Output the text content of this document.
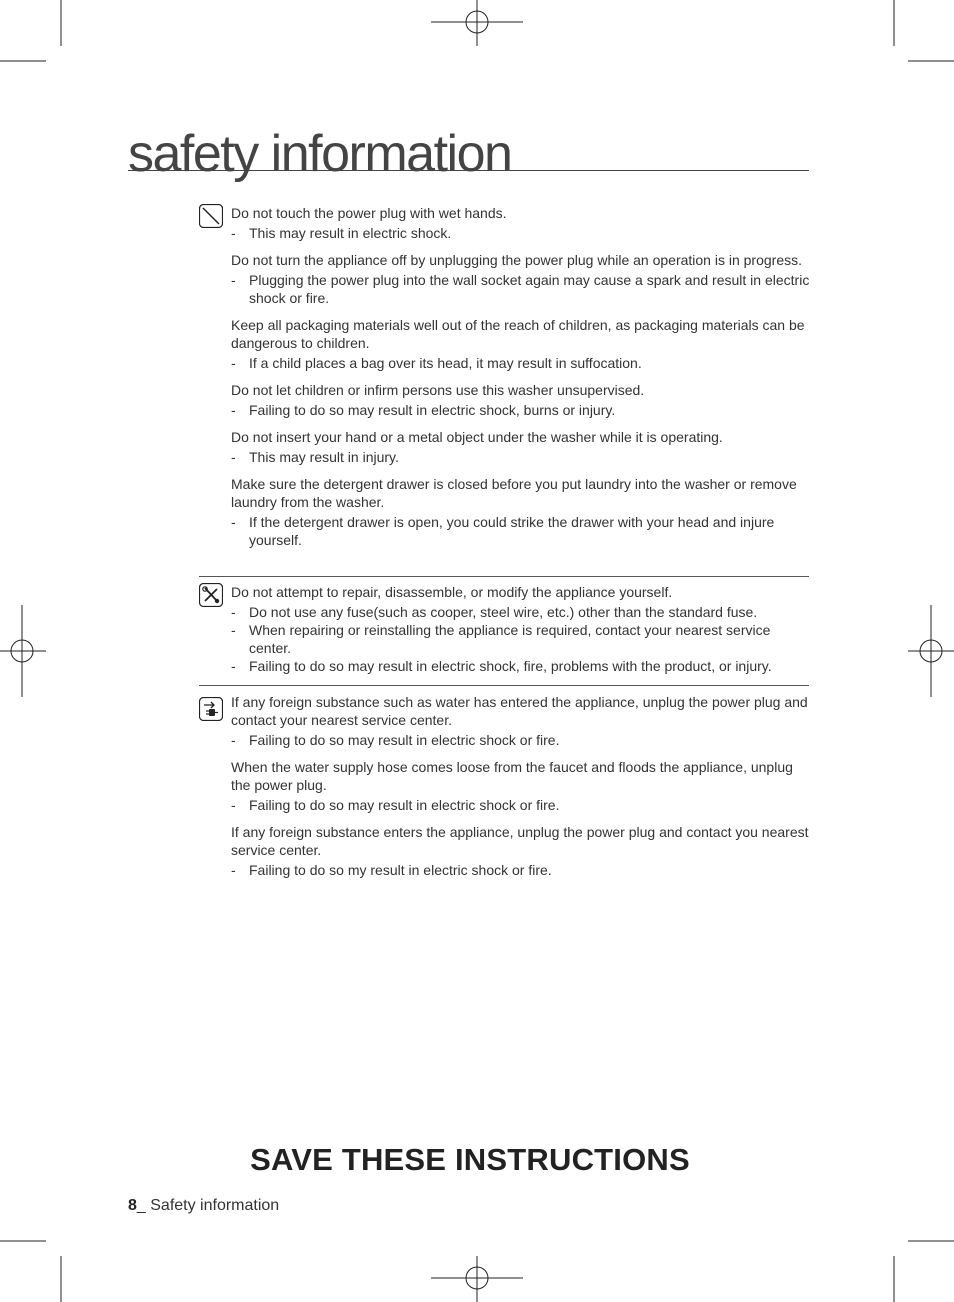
safety information

Do not touch the power plug with wet hands.

- This may result in electric shock.

Do not turn the appliance off by unplugging the power plug while an operation is in progress.

- Plugging the power plug into the wall socket again may cause a spark and result in electric shock or fire.

Keep all packaging materials well out of the reach of children, as packaging materials can be dangerous to children.

- If a child places a bag over its head, it may result in suffocation.

Do not let children or infirm persons use this washer unsupervised.

- Failing to do so may result in electric shock, burns or injury.

Do not insert your hand or a metal object under the washer while it is operating.

- This may result in injury.

Make sure the detergent drawer is closed before you put laundry into the washer or remove laundry from the washer.

- If the detergent drawer is open, you could strike the drawer with your head and injure yourself.

Do not attempt to repair, disassemble, or modify the appliance yourself.

- Do not use any fuse(such as cooper, steel wire, etc.) other than the standard fuse.
- When repairing or reinstalling the appliance is required, contact your nearest service center.
- Failing to do so may result in electric shock, fire, problems with the product, or injury.

If any foreign substance such as water has entered the appliance, unplug the power plug and contact your nearest service center.

- Failing to do so may result in electric shock or fire.

When the water supply hose comes loose from the faucet and floods the appliance, unplug the power plug.

- Failing to do so may result in electric shock or fire.

If any foreign substance enters the appliance, unplug the power plug and contact you nearest service center.

- Failing to do so my result in electric shock or fire.
SAVE THESE INSTRUCTIONS
8_ Safety information
